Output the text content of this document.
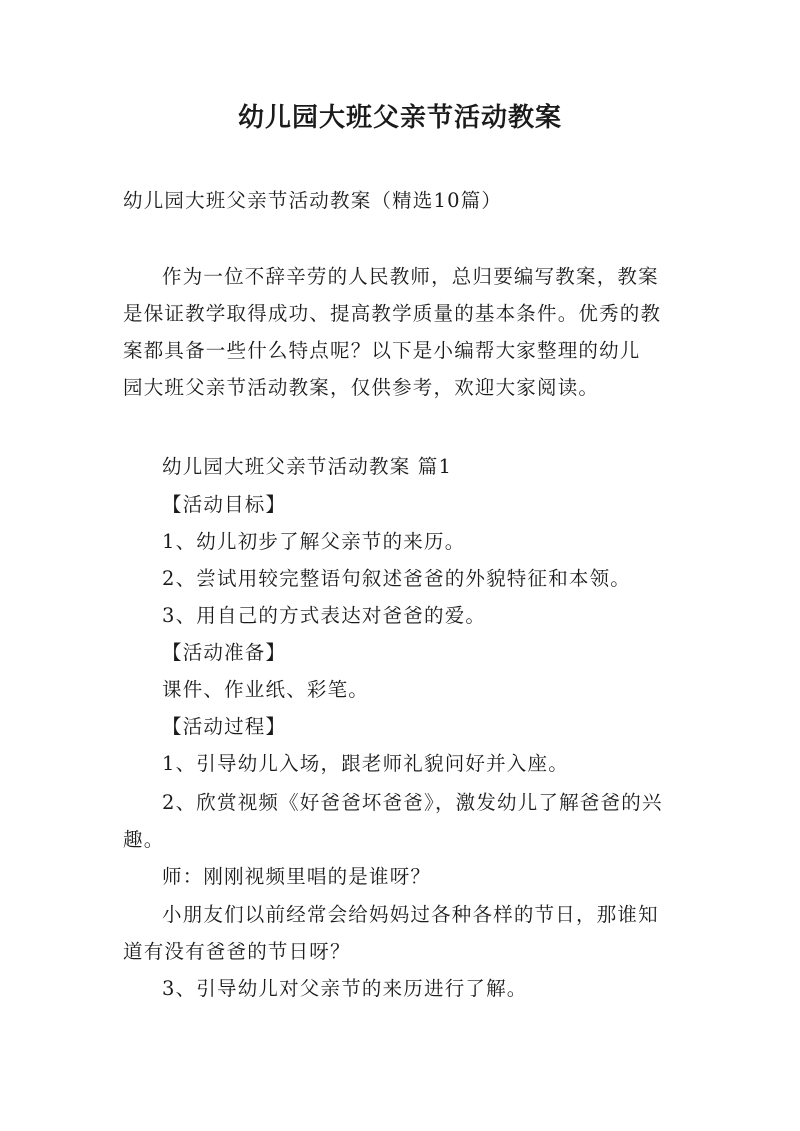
幼儿园大班父亲节活动教案

幼儿园大班父亲节活动教案（精选10篇）

作为一位不辞辛劳的人民教师，总归要编写教案，教案

是保证教学取得成功、提高教学质量的基本条件。优秀的教

案都具备一些什么特点呢？以下是小编帮大家整理的幼儿

园大班父亲节活动教案，仅供参考，欢迎大家阅读。

幼儿园大班父亲节活动教案 篇1

【活动目标】

1、幼儿初步了解父亲节的来历。

2、尝试用较完整语句叙述爸爸的外貌特征和本领。

3、用自己的方式表达对爸爸的爱。

【活动准备】

课件、作业纸、彩笔。

【活动过程】

1、引导幼儿入场，跟老师礼貌问好并入座。

2、欣赏视频《好爸爸坏爸爸》，激发幼儿了解爸爸的兴

趣。

师：刚刚视频里唱的是谁呀？

小朋友们以前经常会给妈妈过各种各样的节日，那谁知

道有没有爸爸的节日呀？

3、引导幼儿对父亲节的来历进行了解。
